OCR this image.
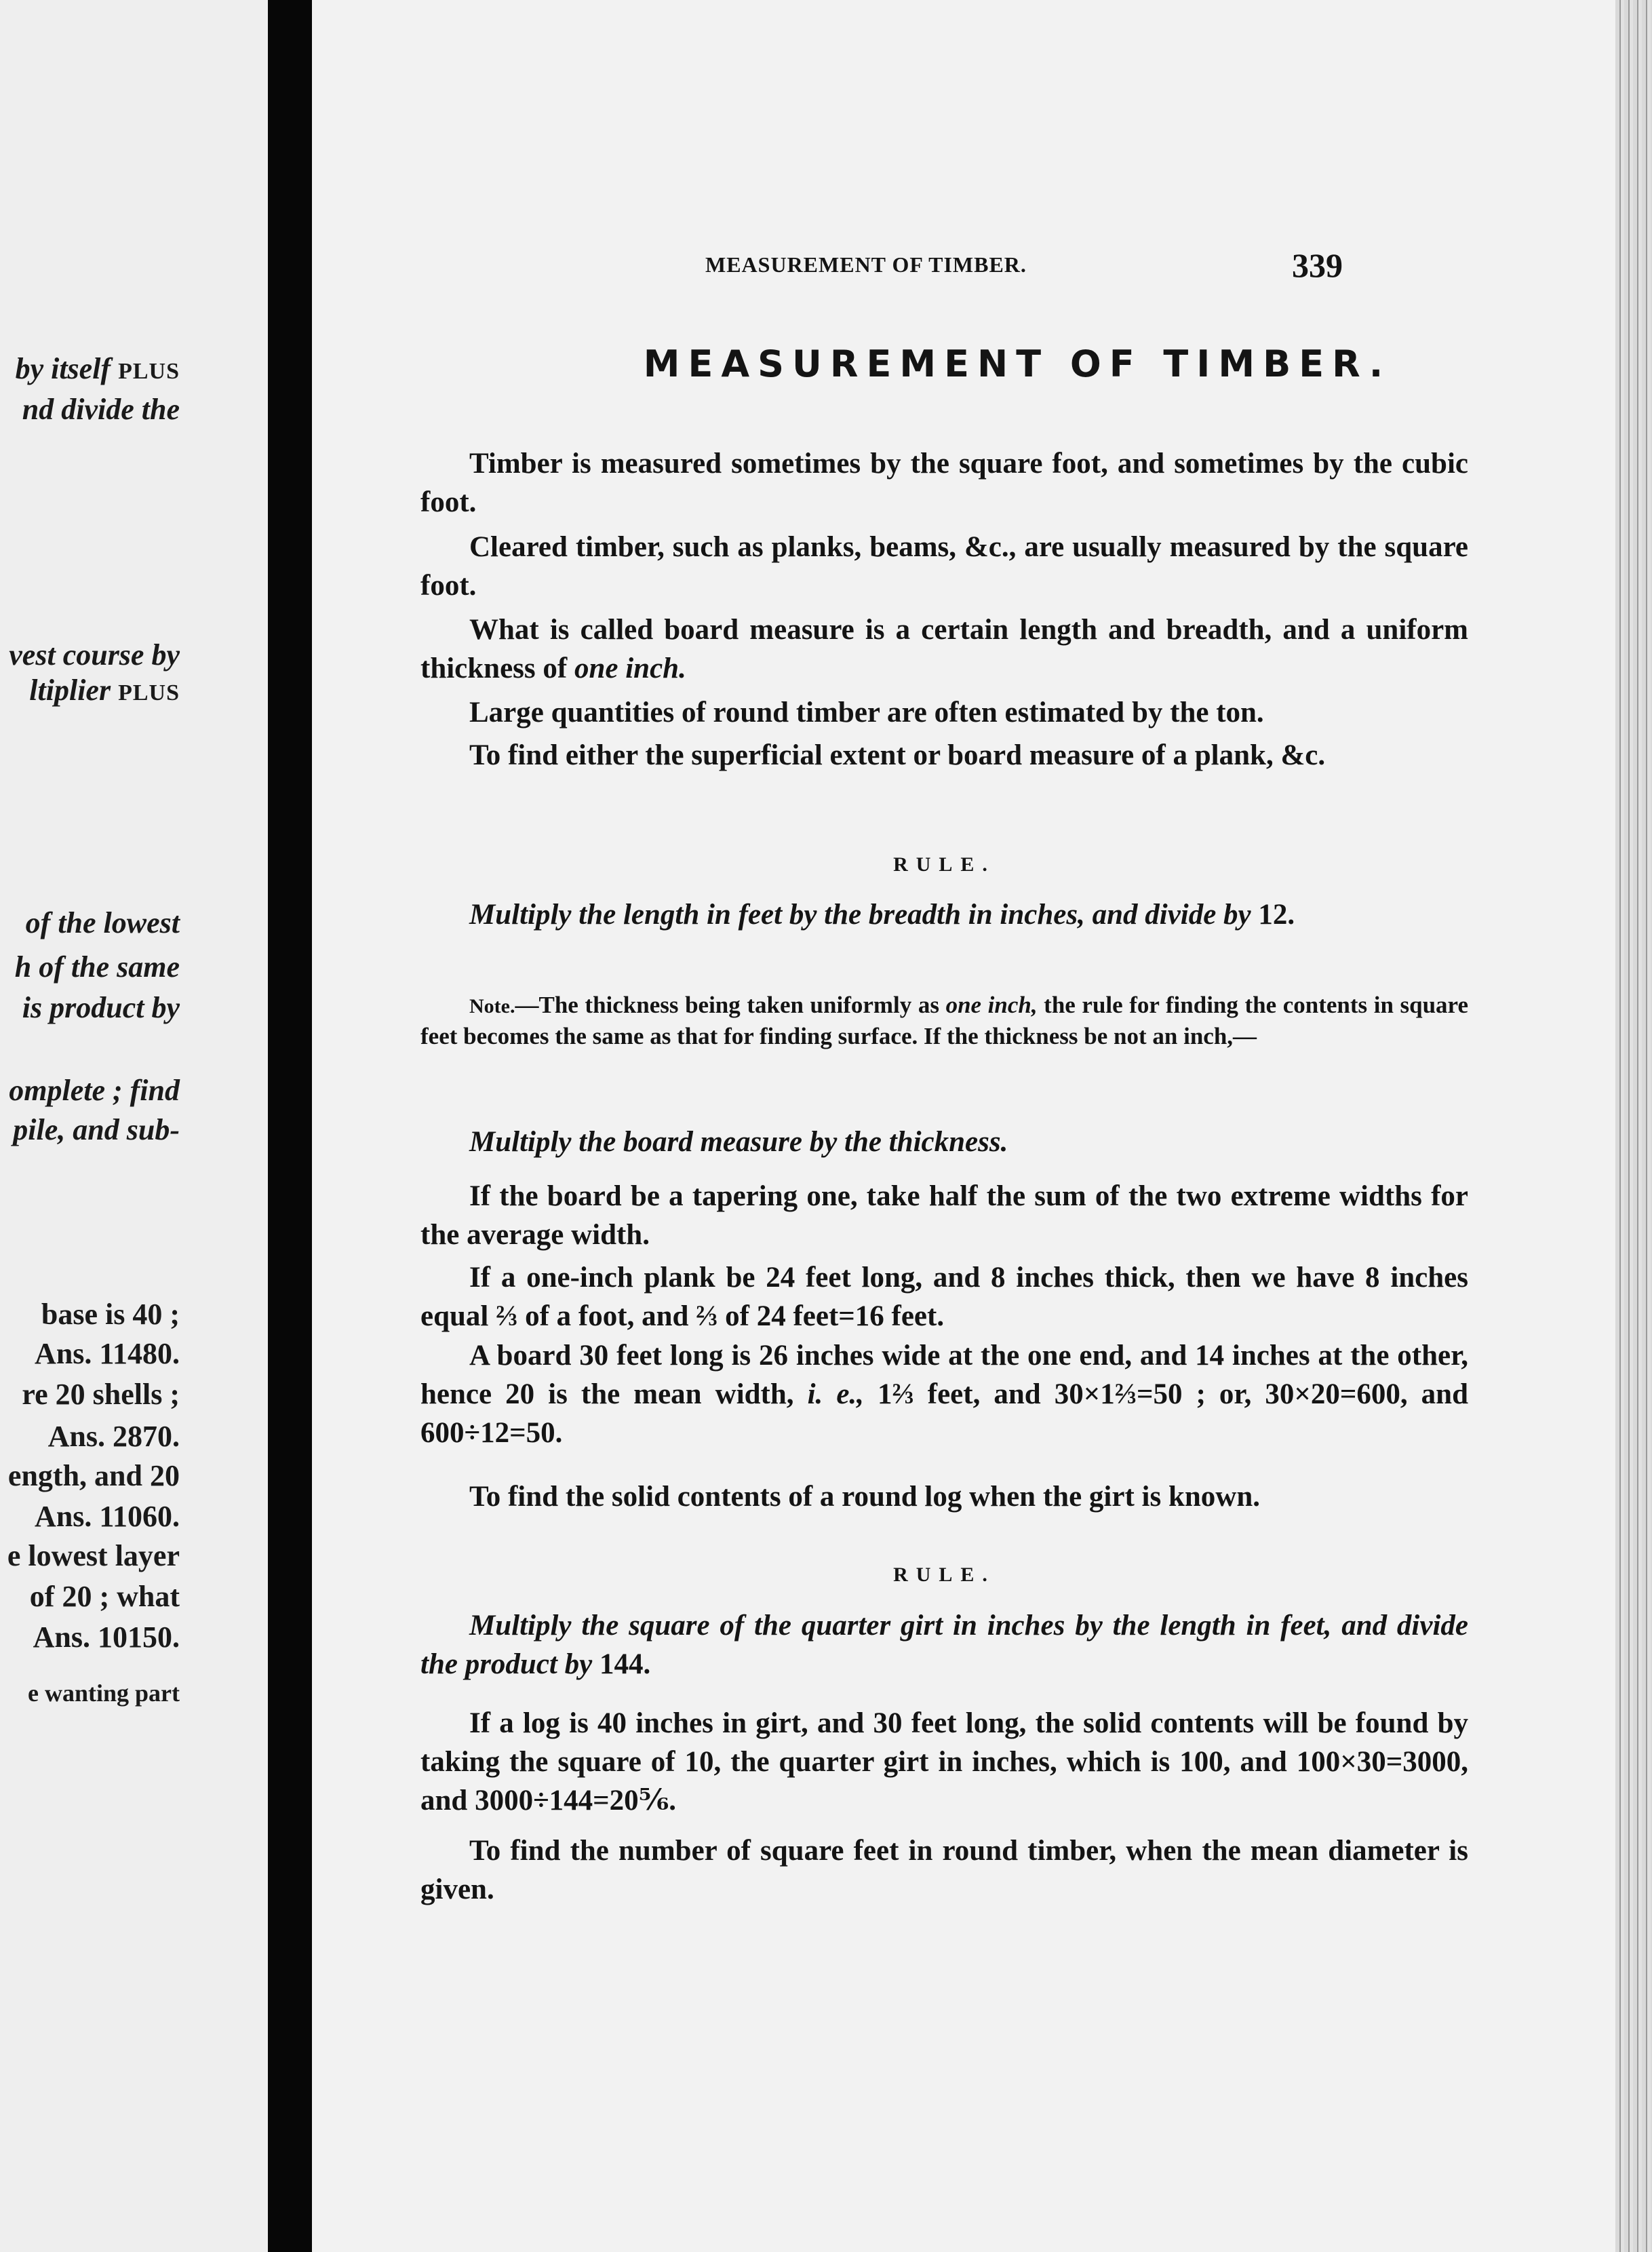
by itself PLUS
nd divide the
vest course by
ltiplier PLUS
of the lowest
h of the same
is product by
omplete ; find
pile, and sub-
base is 40 ;
Ans. 11480.
re 20 shells ;
Ans. 2870.
ength, and 20
Ans. 11060.
e lowest layer
of 20 ; what
Ans. 10150.
e wanting part
MEASUREMENT OF TIMBER.	339
MEASUREMENT OF TIMBER.

Timber is measured sometimes by the square foot, and sometimes by the cubic foot.

Cleared timber, such as planks, beams, &c., are usually measured by the square foot.

What is called board measure is a certain length and breadth, and a uniform thickness of one inch.

Large quantities of round timber are often estimated by the ton.

To find either the superficial extent or board measure of a plank, &c.

RULE.

Multiply the length in feet by the breadth in inches, and divide by 12.

Note.—The thickness being taken uniformly as one inch, the rule for finding the contents in square feet becomes the same as that for finding surface. If the thickness be not an inch,—

Multiply the board measure by the thickness.

If the board be a tapering one, take half the sum of the two extreme widths for the average width.

If a one-inch plank be 24 feet long, and 8 inches thick, then we have 8 inches equal ⅔ of a foot, and ⅔ of 24 feet=16 feet.

A board 30 feet long is 26 inches wide at the one end, and 14 inches at the other, hence 20 is the mean width, i. e., 1⅔ feet, and 30×1⅔=50 ; or, 30×20=600, and 600÷12=50.

To find the solid contents of a round log when the girt is known.

RULE.

Multiply the square of the quarter girt in inches by the length in feet, and divide the product by 144.

If a log is 40 inches in girt, and 30 feet long, the solid contents will be found by taking the square of 10, the quarter girt in inches, which is 100, and 100×30=3000, and 3000÷144=20⅚.

To find the number of square feet in round timber, when the mean diameter is given.
